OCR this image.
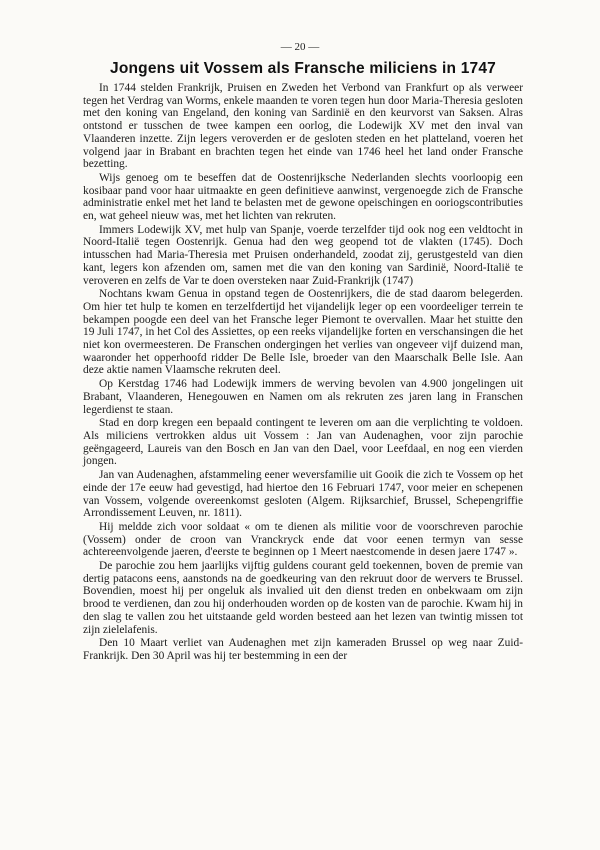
— 20 —
Jongens uit Vossem als Fransche miliciens in 1747

In 1744 stelden Frankrijk, Pruisen en Zweden het Verbond van Frankfurt op als verweer tegen het Verdrag van Worms, enkele maanden te voren tegen hun door Maria-Theresia gesloten met den koning van Engeland, den koning van Sardinië en den keurvorst van Saksen. Alras ontstond er tusschen de twee kampen een oorlog, die Lodewijk XV met den inval van Vlaanderen inzette. Zijn legers veroverden er de gesloten steden en het platteland, voeren het volgend jaar in Brabant en brachten tegen het einde van 1746 heel het land onder Fransche bezetting.

Wijs genoeg om te beseffen dat de Oostenrijksche Nederlanden slechts voorloopig een kosibaar pand voor haar uitmaakte en geen definitieve aanwinst, vergenoegde zich de Fransche administratie enkel met het land te belasten met de gewone opeischingen en ooriogscontributies en, wat geheel nieuw was, met het lichten van rekruten.

Immers Lodewijk XV, met hulp van Spanje, voerde terzelfder tijd ook nog een veldtocht in Noord-Italië tegen Oostenrijk. Genua had den weg geopend tot de vlakten (1745). Doch intusschen had Maria-Theresia met Pruisen onderhandeld, zoodat zij, gerustgesteld van dien kant, legers kon afzenden om, samen met die van den koning van Sardinië, Noord-Italië te veroveren en zelfs de Var te doen oversteken naar Zuid-Frankrijk (1747)

Nochtans kwam Genua in opstand tegen de Oostenrijkers, die de stad daarom belegerden. Om hier tet hulp te komen en terzelfdertijd het vijandelijk leger op een voordeeliger terrein te bekampen poogde een deel van het Fransche leger Piemont te overvallen. Maar het stuitte den 19 Juli 1747, in het Col des Assiettes, op een reeks vijandelijke forten en verschansingen die het niet kon overmeesteren. De Franschen ondergingen het verlies van ongeveer vijf duizend man, waaronder het opperhoofd ridder De Belle Isle, broeder van den Maarschalk Belle Isle. Aan deze aktie namen Vlaamsche rekruten deel.

Op Kerstdag 1746 had Lodewijk immers de werving bevolen van 4.900 jongelingen uit Brabant, Vlaanderen, Henegouwen en Namen om als rekruten zes jaren lang in Franschen legerdienst te staan.

Stad en dorp kregen een bepaald contingent te leveren om aan die verplichting te voldoen. Als miliciens vertrokken aldus uit Vossem : Jan van Audenaghen, voor zijn parochie geëngageerd, Laureis van den Bosch en Jan van den Dael, voor Leefdaal, en nog een vierden jongen.

Jan van Audenaghen, afstammeling eener weversfamilie uit Gooik die zich te Vossem op het einde der 17e eeuw had gevestigd, had hiertoe den 16 Februari 1747, voor meier en schepenen van Vossem, volgende overeenkomst gesloten (Algem. Rijksarchief, Brussel, Schepengriffie Arrondissement Leuven, nr. 1811).

Hij meldde zich voor soldaat « om te dienen als militie voor de voorschreven parochie (Vossem) onder de croon van Vranckryck ende dat voor eenen termyn van sesse achtereenvolgende jaeren, d'eerste te beginnen op 1 Meert naestcomende in desen jaere 1747 ».

De parochie zou hem jaarlijks vijftig guldens courant geld toekennen, boven de premie van dertig patacons eens, aanstonds na de goedkeuring van den rekruut door de wervers te Brussel. Bovendien, moest hij per ongeluk als invalied uit den dienst treden en onbekwaam om zijn brood te verdienen, dan zou hij onderhouden worden op de kosten van de parochie. Kwam hij in den slag te vallen zou het uitstaande geld worden besteed aan het lezen van twintig missen tot zijn zielelafenis.

Den 10 Maart verliet van Audenaghen met zijn kameraden Brussel op weg naar Zuid-Frankrijk. Den 30 April was hij ter bestemming in een der
